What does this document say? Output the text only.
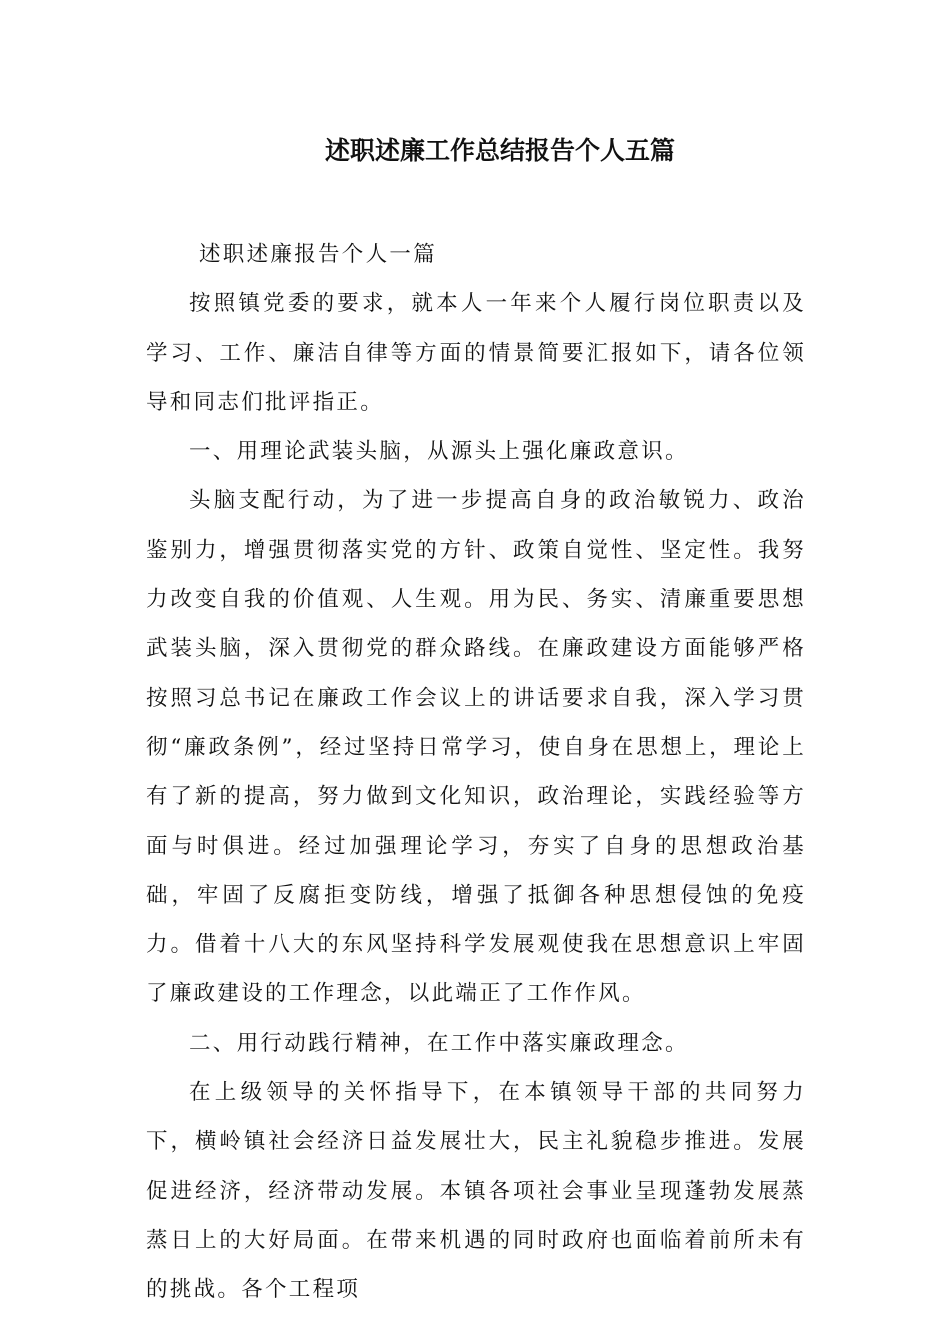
述职述廉工作总结报告个人五篇

述职述廉报告个人一篇

按照镇党委的要求，就本人一年来个人履行岗位职责以及学习、工作、廉洁自律等方面的情景简要汇报如下，请各位领导和同志们批评指正。

一、用理论武装头脑，从源头上强化廉政意识。

头脑支配行动，为了进一步提高自身的政治敏锐力、政治鉴别力，增强贯彻落实党的方针、政策自觉性、坚定性。我努力改变自我的价值观、人生观。用为民、务实、清廉重要思想武装头脑，深入贯彻党的群众路线。在廉政建设方面能够严格按照习总书记在廉政工作会议上的讲话要求自我，深入学习贯彻“廉政条例”，经过坚持日常学习，使自身在思想上，理论上有了新的提高，努力做到文化知识，政治理论，实践经验等方面与时俱进。经过加强理论学习，夯实了自身的思想政治基础，牢固了反腐拒变防线，增强了抵御各种思想侵蚀的免疫力。借着十八大的东风坚持科学发展观使我在思想意识上牢固了廉政建设的工作理念，以此端正了工作作风。

二、用行动践行精神，在工作中落实廉政理念。

在上级领导的关怀指导下，在本镇领导干部的共同努力下，横岭镇社会经济日益发展壮大，民主礼貌稳步推进。发展促进经济，经济带动发展。本镇各项社会事业呈现蓬勃发展蒸蒸日上的大好局面。在带来机遇的同时政府也面临着前所未有的挑战。各个工程项
